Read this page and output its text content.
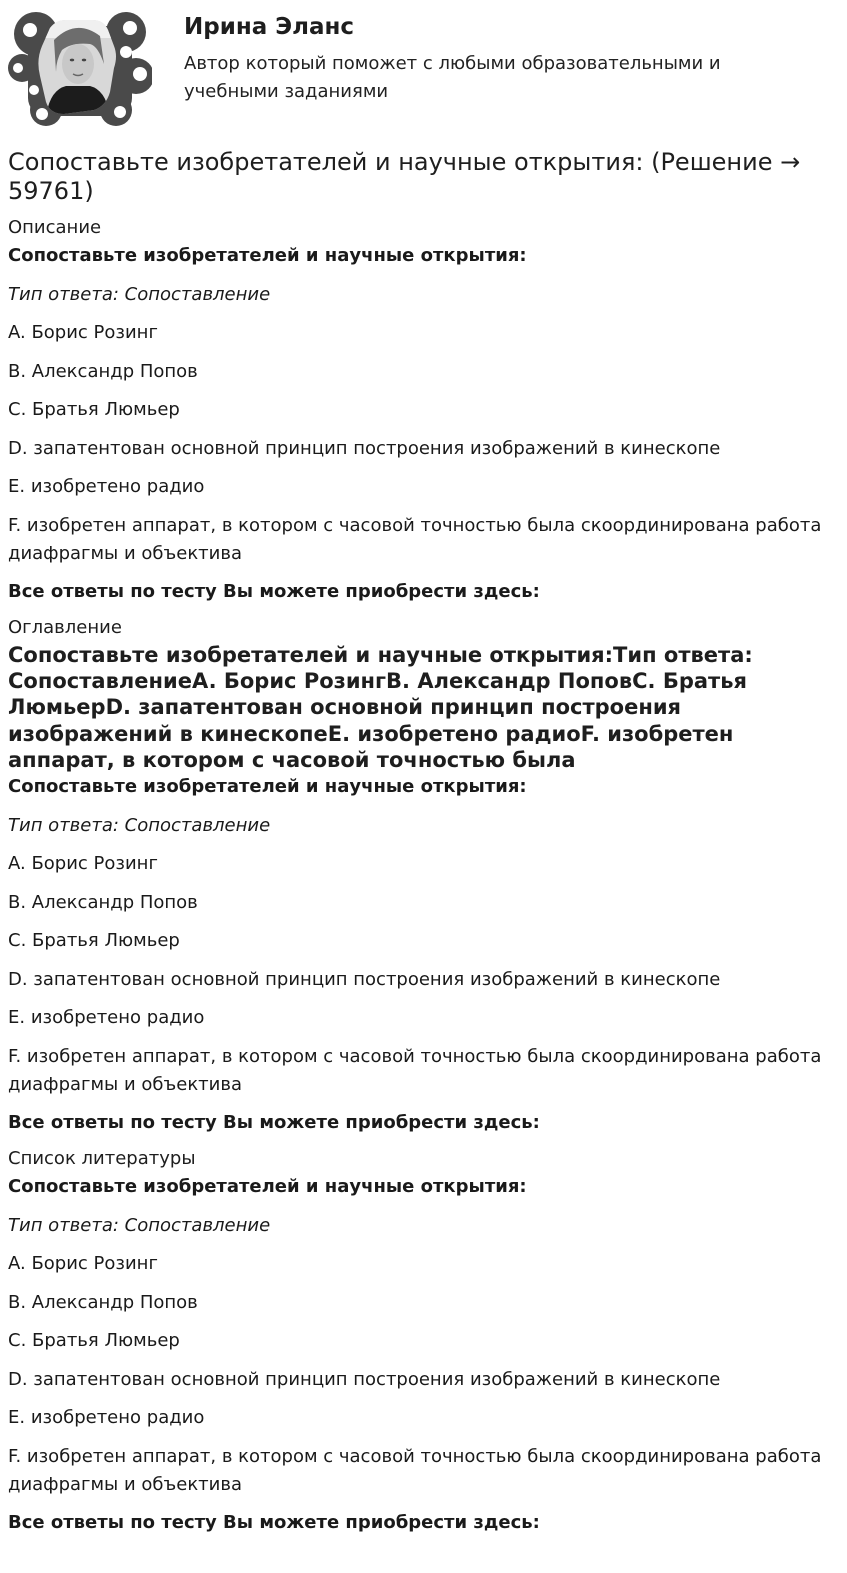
Ирина Эланс

Автор который поможет с любыми образовательными и учебными заданиями

Сопоставьте изобретателей и научные открытия: (Решение → 59761)
Описание

Сопоставьте изобретателей и научные открытия:

Тип ответа: Сопоставление

A. Борис Розинг

B. Александр Попов

C. Братья Люмьер

D. запатентован основной принцип построения изображений в кинескопе

E. изобретено радио

F. изобретен аппарат, в котором с часовой точностью была скоординирована работа диафрагмы и объектива

Все ответы по тесту Вы можете приобрести здесь:

Оглавление
Сопоставьте изобретателей и научные открытия:Тип ответа: СопоставлениеA. Борис РозингB. Александр ПоповC. Братья ЛюмьерD. запатентован основной принцип построения изображений в кинескопеE. изобретено радиоF. изобретен аппарат, в котором с часовой точностью была

Сопоставьте изобретателей и научные открытия:

Тип ответа: Сопоставление

A. Борис Розинг

B. Александр Попов

C. Братья Люмьер

D. запатентован основной принцип построения изображений в кинескопе

E. изобретено радио

F. изобретен аппарат, в котором с часовой точностью была скоординирована работа диафрагмы и объектива

Все ответы по тесту Вы можете приобрести здесь:

Список литературы

Сопоставьте изобретателей и научные открытия:

Тип ответа: Сопоставление

A. Борис Розинг

B. Александр Попов

C. Братья Люмьер

D. запатентован основной принцип построения изображений в кинескопе

E. изобретено радио

F. изобретен аппарат, в котором с часовой точностью была скоординирована работа диафрагмы и объектива

Все ответы по тесту Вы можете приобрести здесь:
